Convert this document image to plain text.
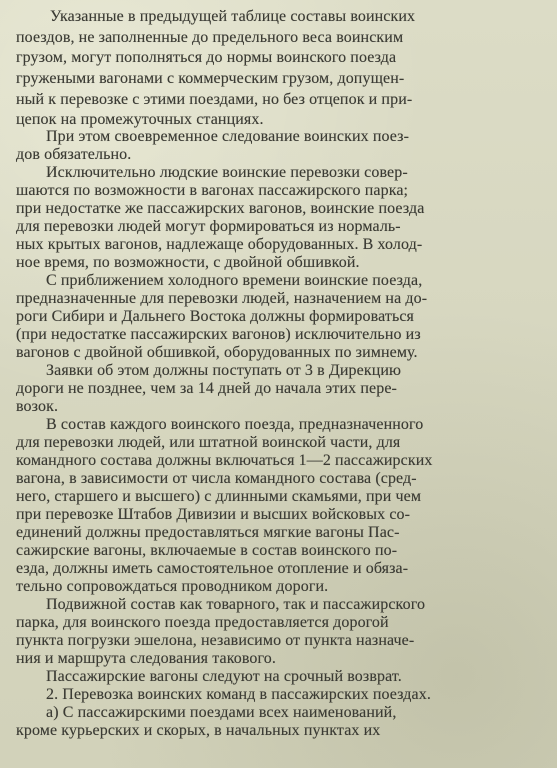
Указанные в предыдущей таблице составы воинских
поездов, не заполненные до предельного веса воинским
грузом, могут пополняться до нормы воинского поезда
гружеными вагонами с коммерческим грузом, допущен-
ный к перевозке с этими поездами, но без отцепок и при-
цепок на промежуточных станциях.
При этом своевременное следование воинских поез-
дов обязательно.
Исключительно людские воинские перевозки совер-
шаются по возможности в вагонах пассажирского парка;
при недостатке же пассажирских вагонов, воинские поезда
для перевозки людей могут формироваться из нормаль-
ных крытых вагонов, надлежаще оборудованных. В холод-
ное время, по возможности, с двойной обшивкой.
С приближением холодного времени воинские поезда,
предназначенные для перевозки людей, назначением на до-
роги Сибири и Дальнего Востока должны формироваться
(при недостатке пассажирских вагонов) исключительно из
вагонов с двойной обшивкой, оборудованных по зимнему.
Заявки об этом должны поступать от 3 в Дирекцию
дороги не позднее, чем за 14 дней до начала этих пере-
возок.
В состав каждого воинского поезда, предназначенного
для перевозки людей, или штатной воинской части, для
командного состава должны включаться 1—2 пассажирских
вагона, в зависимости от числа командного состава (сред-
него, старшего и высшего) с длинными скамьями, при чем
при перевозке Штабов Дивизии и высших войсковых со-
единений должны предоставляться мягкие вагоны Пас-
сажирские вагоны, включаемые в состав воинского по-
езда, должны иметь самостоятельное отопление и обяза-
тельно сопровождаться проводником дороги.
Подвижной состав как товарного, так и пассажирского
парка, для воинского поезда предоставляется дорогой
пункта погрузки эшелона, независимо от пункта назначе-
ния и маршрута следования такового.
Пассажирские вагоны следуют на срочный возврат.
2. Перевозка воинских команд в пассажирских поездах.
а) С пассажирскими поездами всех наименований,
кроме курьерских и скорых, в начальных пунктах их
